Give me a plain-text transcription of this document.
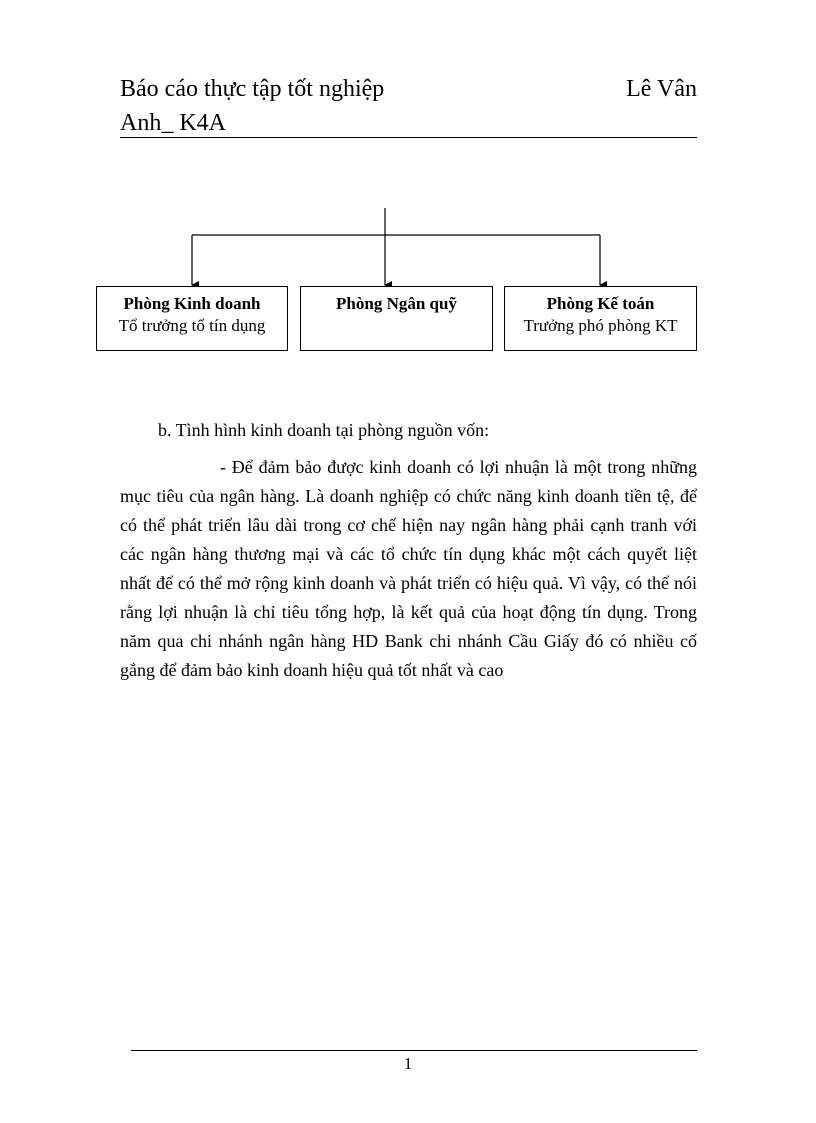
Báo cáo thực tập tốt nghiệp	Lê Vân
Anh_ K4A
Phòng Kinh doanh
Tổ trưởng tổ tín dụng
Phòng Ngân quỹ	Phòng Kế toán
Trưởng phó phòng KT
b. Tình hình kinh doanh tại phòng nguồn vốn:

- Để đảm bảo được kinh doanh có lợi nhuận là một trong những mục tiêu của ngân hàng. Là doanh nghiệp có chức năng kinh doanh tiền tệ, để có thể phát triển lâu dài trong cơ chế hiện nay ngân hàng phải cạnh tranh với các ngân hàng thương mại và các tổ chức tín dụng khác một cách quyết liệt nhất để có thể mở rộng kinh doanh và phát triển có hiệu quả. Vì vậy, có thể nói rằng lợi nhuận là chỉ tiêu tổng hợp, là kết quả của hoạt động tín dụng. Trong năm qua chi nhánh ngân hàng HD Bank chi nhánh Cầu Giấy đó có nhiều cố gắng để đảm bảo kinh doanh hiệu quả tốt nhất và cao

1
